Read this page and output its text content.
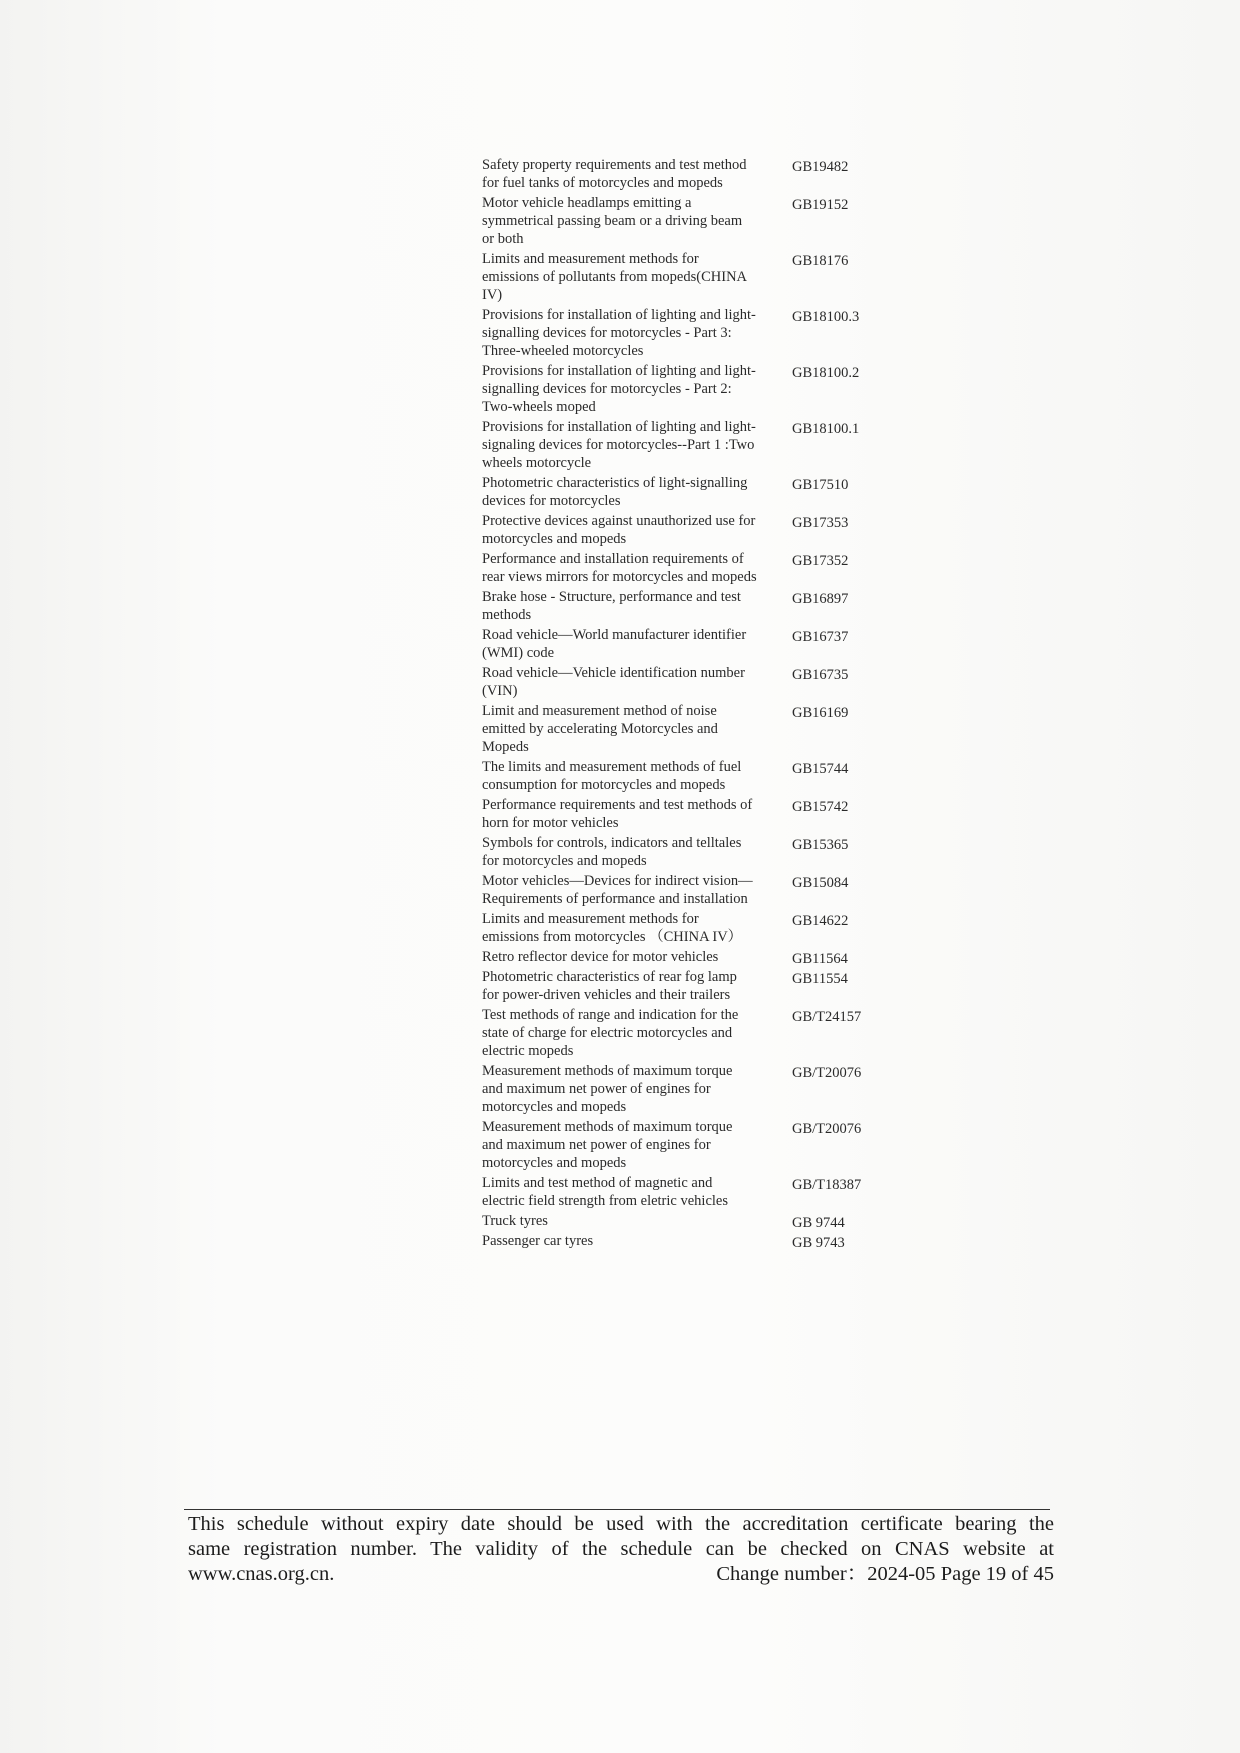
Safety property requirements and test method for fuel tanks of motorcycles and mopeds	GB19482
Motor vehicle headlamps emitting a symmetrical passing beam or a driving beam or both	GB19152
Limits and measurement methods for emissions of pollutants from mopeds(CHINA IV)	GB18176
Provisions for installation of lighting and light-signalling devices for motorcycles - Part 3: Three-wheeled motorcycles	GB18100.3
Provisions for installation of lighting and light-signalling devices for motorcycles - Part 2: Two-wheels moped	GB18100.2
Provisions for installation of lighting and light-signaling devices for motorcycles--Part 1 :Two wheels motorcycle	GB18100.1
Photometric characteristics of light-signalling devices for motorcycles	GB17510
Protective devices against unauthorized use for motorcycles and mopeds	GB17353
Performance and installation requirements of rear views mirrors for motorcycles and mopeds	GB17352
Brake hose - Structure, performance and test methods	GB16897
Road vehicle—World manufacturer identifier (WMI) code	GB16737
Road vehicle—Vehicle identification number (VIN)	GB16735
Limit and measurement method of noise emitted by accelerating Motorcycles and Mopeds	GB16169
The limits and measurement methods of fuel consumption for motorcycles and mopeds	GB15744
Performance requirements and test methods of horn for motor vehicles	GB15742
Symbols for controls, indicators and telltales for motorcycles and mopeds	GB15365
Motor vehicles—Devices for indirect vision—Requirements of performance and installation	GB15084
Limits and measurement methods for emissions from motorcycles （CHINA IV）	GB14622
Retro reflector device for motor vehicles	GB11564
Photometric characteristics of rear fog lamp for power-driven vehicles and their trailers	GB11554
Test methods of range and indication for the state of charge for electric motorcycles and electric mopeds	GB/T24157
Measurement methods of maximum torque and maximum net power of engines for motorcycles and mopeds	GB/T20076
Measurement methods of maximum torque and maximum net power of engines for motorcycles and mopeds	GB/T20076
Limits and test method of magnetic and electric field strength from eletric vehicles	GB/T18387
Truck tyres	GB 9744
Passenger car tyres	GB 9743
This schedule without expiry date should be used with the accreditation certificate bearing the
same registration number. The validity of the schedule can be checked on CNAS website at
www.cnas.org.cn.	Change number：2024-05 Page 19 of 45
